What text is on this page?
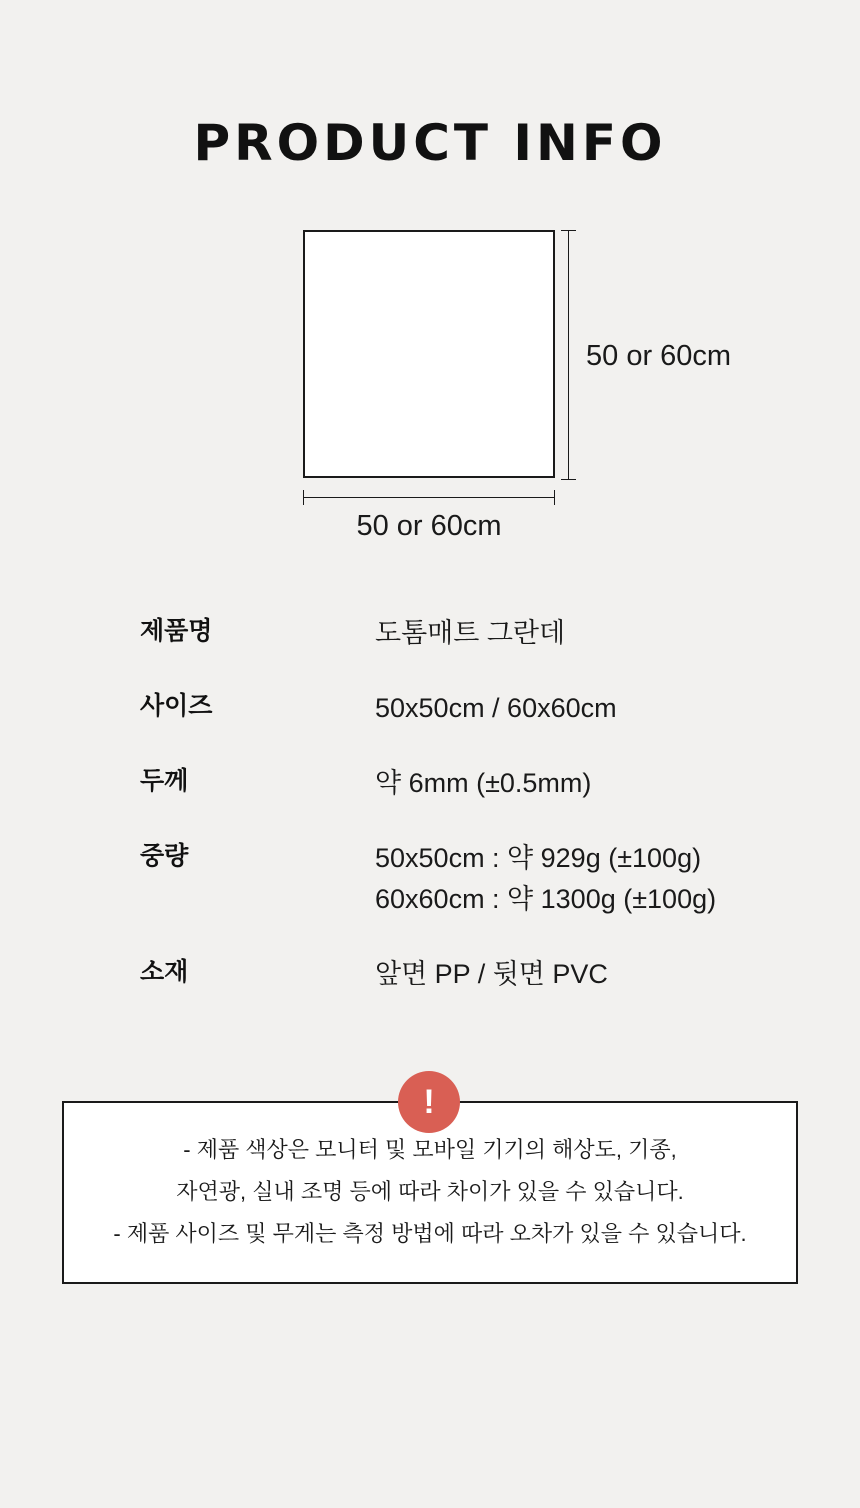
PRODUCT INFO
50 or 60cm
50 or 60cm
제품명	도톰매트 그란데
사이즈	50x50cm / 60x60cm
두께	약 6mm (±0.5mm)
중량	50x50cm : 약 929g (±100g)
60x60cm : 약 1300g (±100g)
소재	앞면 PP / 뒷면 PVC
!
- 제품 색상은 모니터 및 모바일 기기의 해상도, 기종,
자연광, 실내 조명 등에 따라 차이가 있을 수 있습니다.
- 제품 사이즈 및 무게는 측정 방법에 따라 오차가 있을 수 있습니다.
